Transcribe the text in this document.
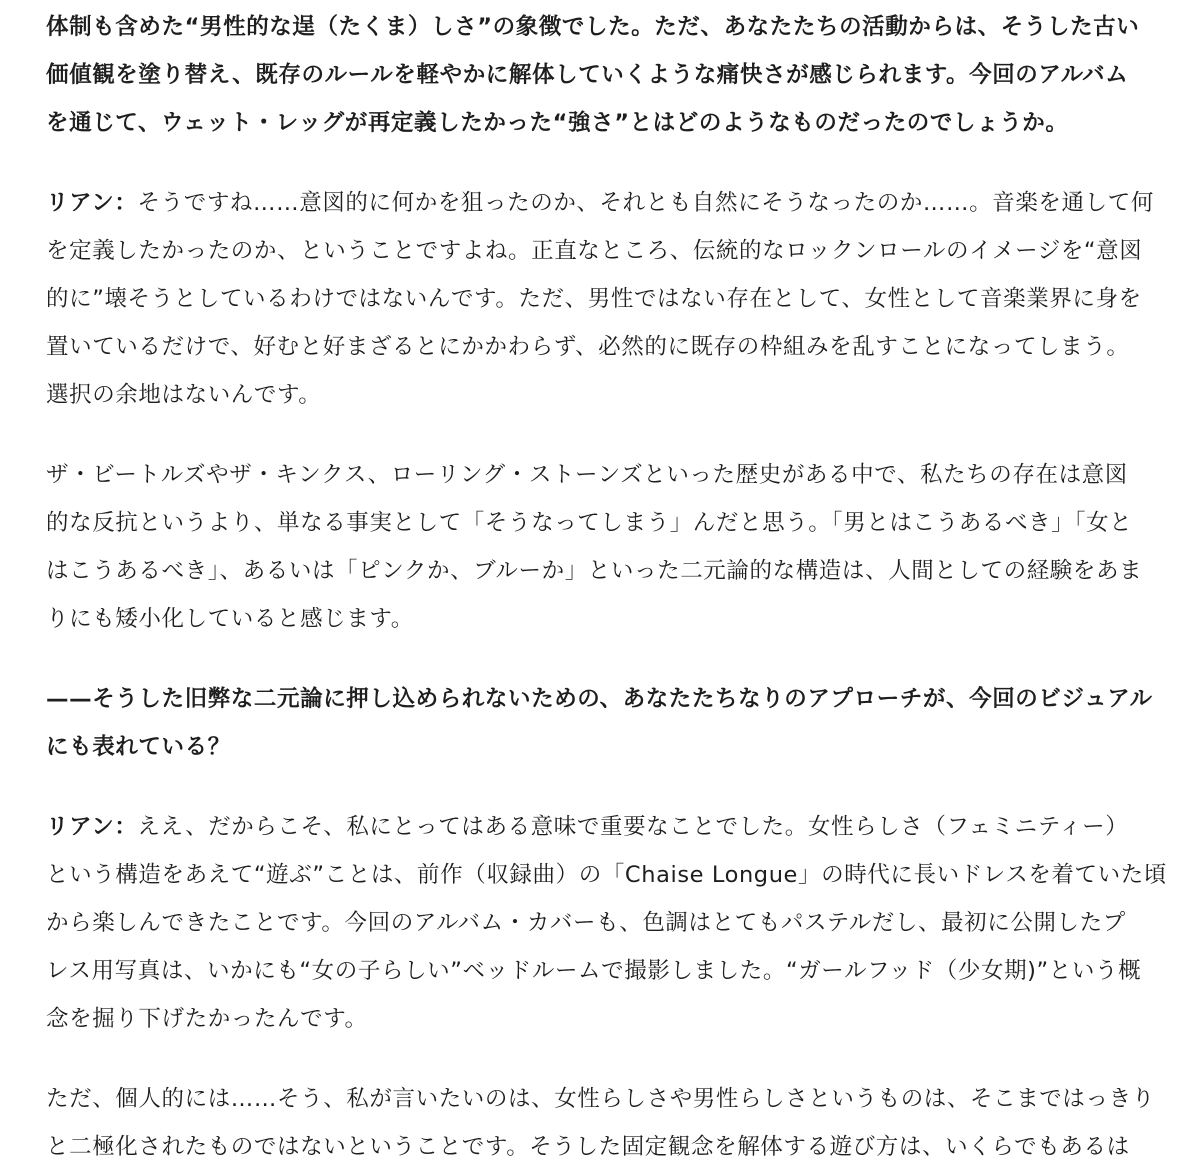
体制も含めた“男性的な逞（たくま）しさ”の象徴でした。ただ、あなたたちの活動からは、そうした古い
価値観を塗り替え、既存のルールを軽やかに解体していくような痛快さが感じられます。今回のアルバム
を通じて、ウェット・レッグが再定義したかった“強さ”とはどのようなものだったのでしょうか。
リアン：そうですね……意図的に何かを狙ったのか、それとも自然にそうなったのか……。音楽を通して何
を定義したかったのか、ということですよね。正直なところ、伝統的なロックンロールのイメージを“意図
的に”壊そうとしているわけではないんです。ただ、男性ではない存在として、女性として音楽業界に身を
置いているだけで、好むと好まざるとにかかわらず、必然的に既存の枠組みを乱すことになってしまう。
選択の余地はないんです。
ザ・ビートルズやザ・キンクス、ローリング・ストーンズといった歴史がある中で、私たちの存在は意図
的な反抗というより、単なる事実として「そうなってしまう」んだと思う。「男とはこうあるべき」「女と
はこうあるべき」、あるいは「ピンクか、ブルーか」といった二元論的な構造は、人間としての経験をあま
りにも矮小化していると感じます。
——そうした旧弊な二元論に押し込められないための、あなたたちなりのアプローチが、今回のビジュアル
にも表れている？
リアン：ええ、だからこそ、私にとってはある意味で重要なことでした。女性らしさ（フェミニティー）
という構造をあえて“遊ぶ”ことは、前作（収録曲）の「Chaise Longue」の時代に長いドレスを着ていた頃
から楽しんできたことです。今回のアルバム・カバーも、色調はとてもパステルだし、最初に公開したプ
レス用写真は、いかにも“女の子らしい”ベッドルームで撮影しました。“ガールフッド（少女期)”という概
念を掘り下げたかったんです。
ただ、個人的には……そう、私が言いたいのは、女性らしさや男性らしさというものは、そこまではっきり
と二極化されたものではないということです。そうした固定観念を解体する遊び方は、いくらでもあるは
